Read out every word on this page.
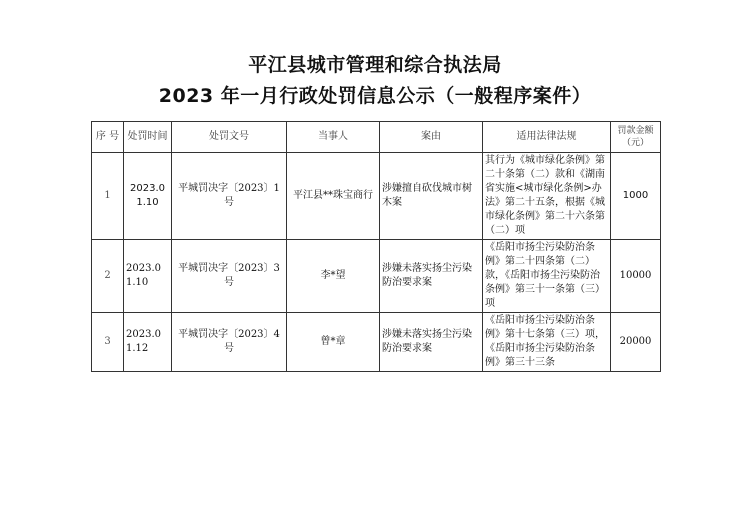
平江县城市管理和综合执法局
2023 年一月行政处罚信息公示（一般程序案件）
序 号	处罚时间	处罚文号	当事人	案由	适用法律法规	罚款金额（元）
1	2023.01.10	平城罚决字〔2023〕1 号	平江县**珠宝商行	涉嫌擅自砍伐城市树木案	其行为《城市绿化条例》第二十条第（二）款和《湖南省实施<城市绿化条例>办法》第二十五条，根据《城市绿化条例》第二十六条第（二）项	1000
2	2023.01.10	平城罚决字〔2023〕3 号	李*望	涉嫌未落实扬尘污染防治要求案	《岳阳市扬尘污染防治条例》第二十四条第（二）款，《岳阳市扬尘污染防治条例》第三十一条第（三）项	10000
3	2023.01.12	平城罚决字〔2023〕4 号	曾*章	涉嫌未落实扬尘污染防治要求案	《岳阳市扬尘污染防治条例》第十七条第（三）项，《岳阳市扬尘污染防治条例》第三十三条	20000
